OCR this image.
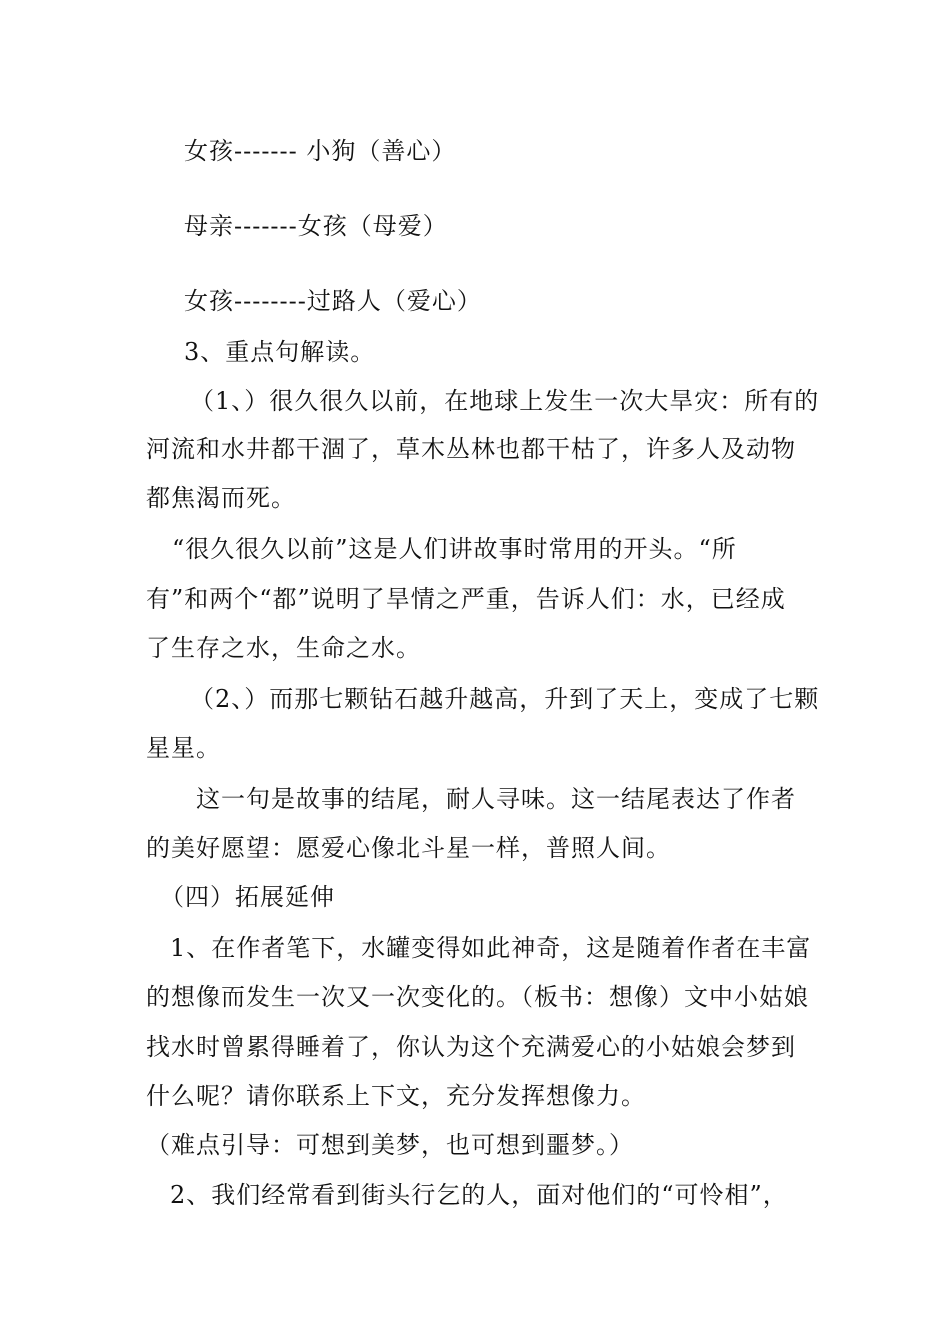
女孩------- 小狗（善心）
母亲-------女孩（母爱）
女孩--------过路人（爱心）
3、重点句解读。
（1、）很久很久以前，在地球上发生一次大旱灾：所有的
河流和水井都干涸了，草木丛林也都干枯了，许多人及动物
都焦渴而死。
“很久很久以前”这是人们讲故事时常用的开头。“所
有”和两个“都”说明了旱情之严重，告诉人们：水，已经成
了生存之水，生命之水。
（2、）而那七颗钻石越升越高，升到了天上，变成了七颗
星星。
这一句是故事的结尾，耐人寻味。这一结尾表达了作者
的美好愿望：愿爱心像北斗星一样，普照人间。
（四）拓展延伸
1、在作者笔下，水罐变得如此神奇，这是随着作者在丰富
的想像而发生一次又一次变化的。（板书：想像）文中小姑娘
找水时曾累得睡着了，你认为这个充满爱心的小姑娘会梦到
什么呢？请你联系上下文，充分发挥想像力。
（难点引导：可想到美梦，也可想到噩梦。）
2、我们经常看到街头行乞的人，面对他们的“可怜相”，
